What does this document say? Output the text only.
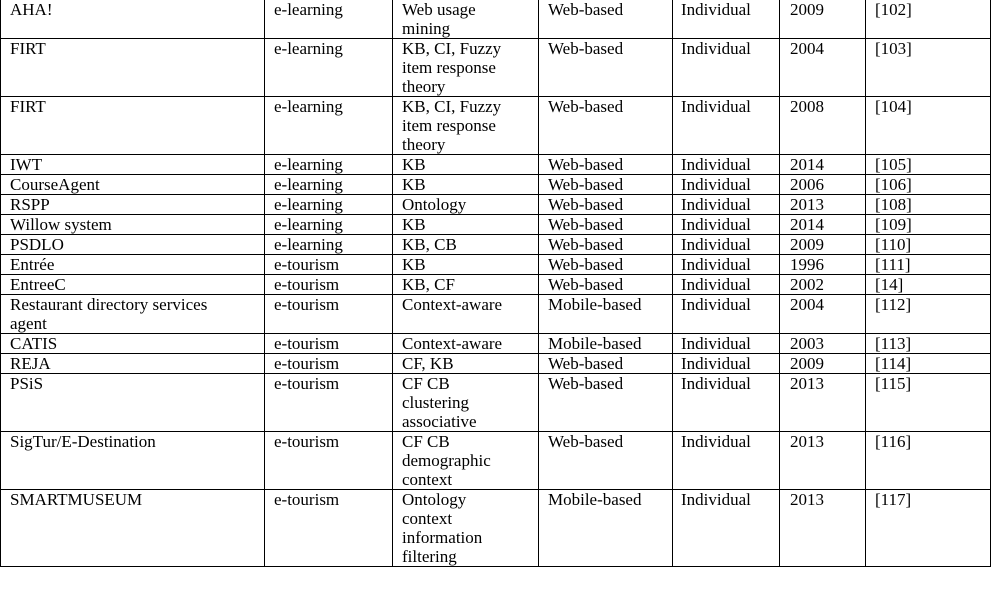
AHA!	e-learning	Web usage
mining	Web-based	Individual	2009	[102]

FIRT	e-learning	KB, CI, Fuzzy
item response
theory	Web-based	Individual	2004	[103]

FIRT	e-learning	KB, CI, Fuzzy
item response
theory	Web-based	Individual	2008	[104]

IWT	e-learning	KB	Web-based	Individual	2014	[105]

CourseAgent	e-learning	KB	Web-based	Individual	2006	[106]

RSPP	e-learning	Ontology	Web-based	Individual	2013	[108]

Willow system	e-learning	KB	Web-based	Individual	2014	[109]

PSDLO	e-learning	KB, CB	Web-based	Individual	2009	[110]

Entrée	e-tourism	KB	Web-based	Individual	1996	[111]

EntreeC	e-tourism	KB, CF	Web-based	Individual	2002	[14]

Restaurant directory services
agent	e-tourism	Context-aware	Mobile-based	Individual	2004	[112]

CATIS	e-tourism	Context-aware	Mobile-based	Individual	2003	[113]

REJA	e-tourism	CF, KB	Web-based	Individual	2009	[114]

PSiS	e-tourism	CF CB
clustering
associative	Web-based	Individual	2013	[115]

SigTur/E-Destination	e-tourism	CF CB
demographic
context	Web-based	Individual	2013	[116]

SMARTMUSEUM	e-tourism	Ontology
context
information
filtering	Mobile-based	Individual	2013	[117]
